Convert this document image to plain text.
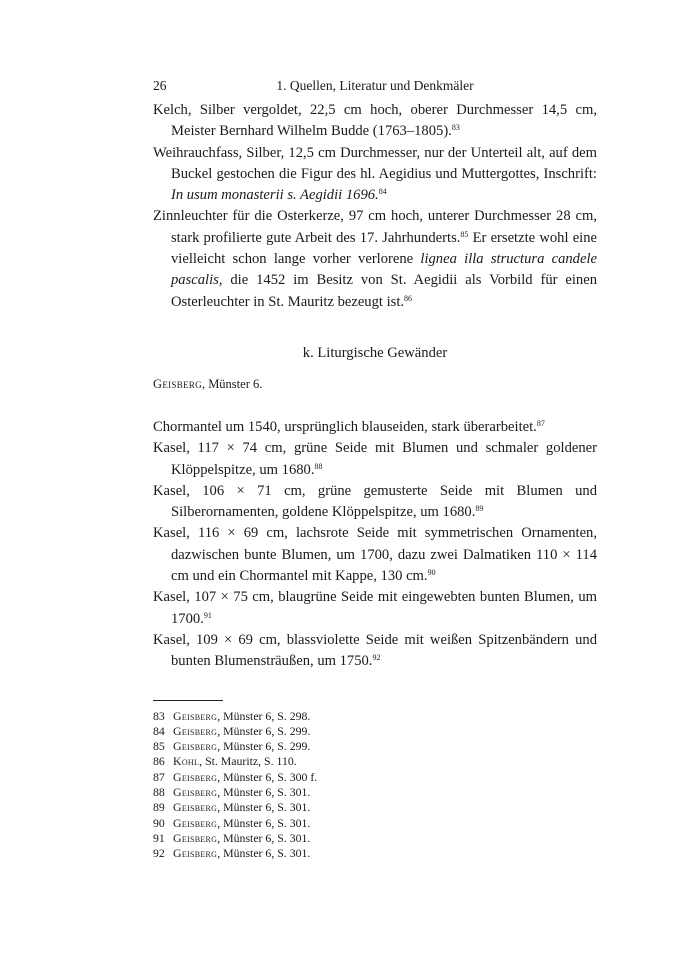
26	1. Quellen, Literatur und Denkmäler

Kelch, Silber vergoldet, 22,5 cm hoch, oberer Durchmesser 14,5 cm, Meister Bernhard Wilhelm Budde (1763–1805).$^{83}$

Weihrauchfass, Silber, 12,5 cm Durchmesser, nur der Unterteil alt, auf dem Buckel gestochen die Figur des hl. Aegidius und Muttergottes, Inschrift: In usum monasterii s. Aegidii 1696.84

Zinnleuchter für die Osterkerze, 97 cm hoch, unterer Durchmesser 28 cm, stark profilierte gute Arbeit des 17. Jahrhunderts.$^{85}$ Er ersetzte wohl eine vielleicht schon lange vorher verlorene lignea illa structura candele pascalis, die 1452 im Besitz von St. Aegidii als Vorbild für einen Osterleuchter in St. Mauritz bezeugt ist.$^{86}$

k. Liturgische Gewänder
Geisberg, Münster 6.

Chormantel um 1540, ursprünglich blauseiden, stark überarbeitet.$^{87}$

Kasel, 117 × 74 cm, grüne Seide mit Blumen und schmaler goldener Klöppelspitze, um 1680.88

Kasel, 106 × 71 cm, grüne gemusterte Seide mit Blumen und Silberornamenten, goldene Klöppelspitze, um 1680.89

Kasel, 116 × 69 cm, lachsrote Seide mit symmetrischen Ornamenten, dazwischen bunte Blumen, um 1700, dazu zwei Dalmatiken 110 × 114 cm und ein Chormantel mit Kappe, 130 cm.$^{90}$

Kasel, 107 × 75 cm, blaugrüne Seide mit eingewebten bunten Blumen, um 1700.91

Kasel, 109 × 69 cm, blassviolette Seide mit weißen Spitzenbändern und bunten Blumensträußen, um 1750.92

83 Geisberg, Münster 6, S. 298.
84 Geisberg, Münster 6, S. 299.
85 Geisberg, Münster 6, S. 299.
86 Kohl, St. Mauritz, S. 110.
87 Geisberg, Münster 6, S. 300 f.
88 Geisberg, Münster 6, S. 301.
89 Geisberg, Münster 6, S. 301.
90 Geisberg, Münster 6, S. 301.
91 Geisberg, Münster 6, S. 301.
92 Geisberg, Münster 6, S. 301.
